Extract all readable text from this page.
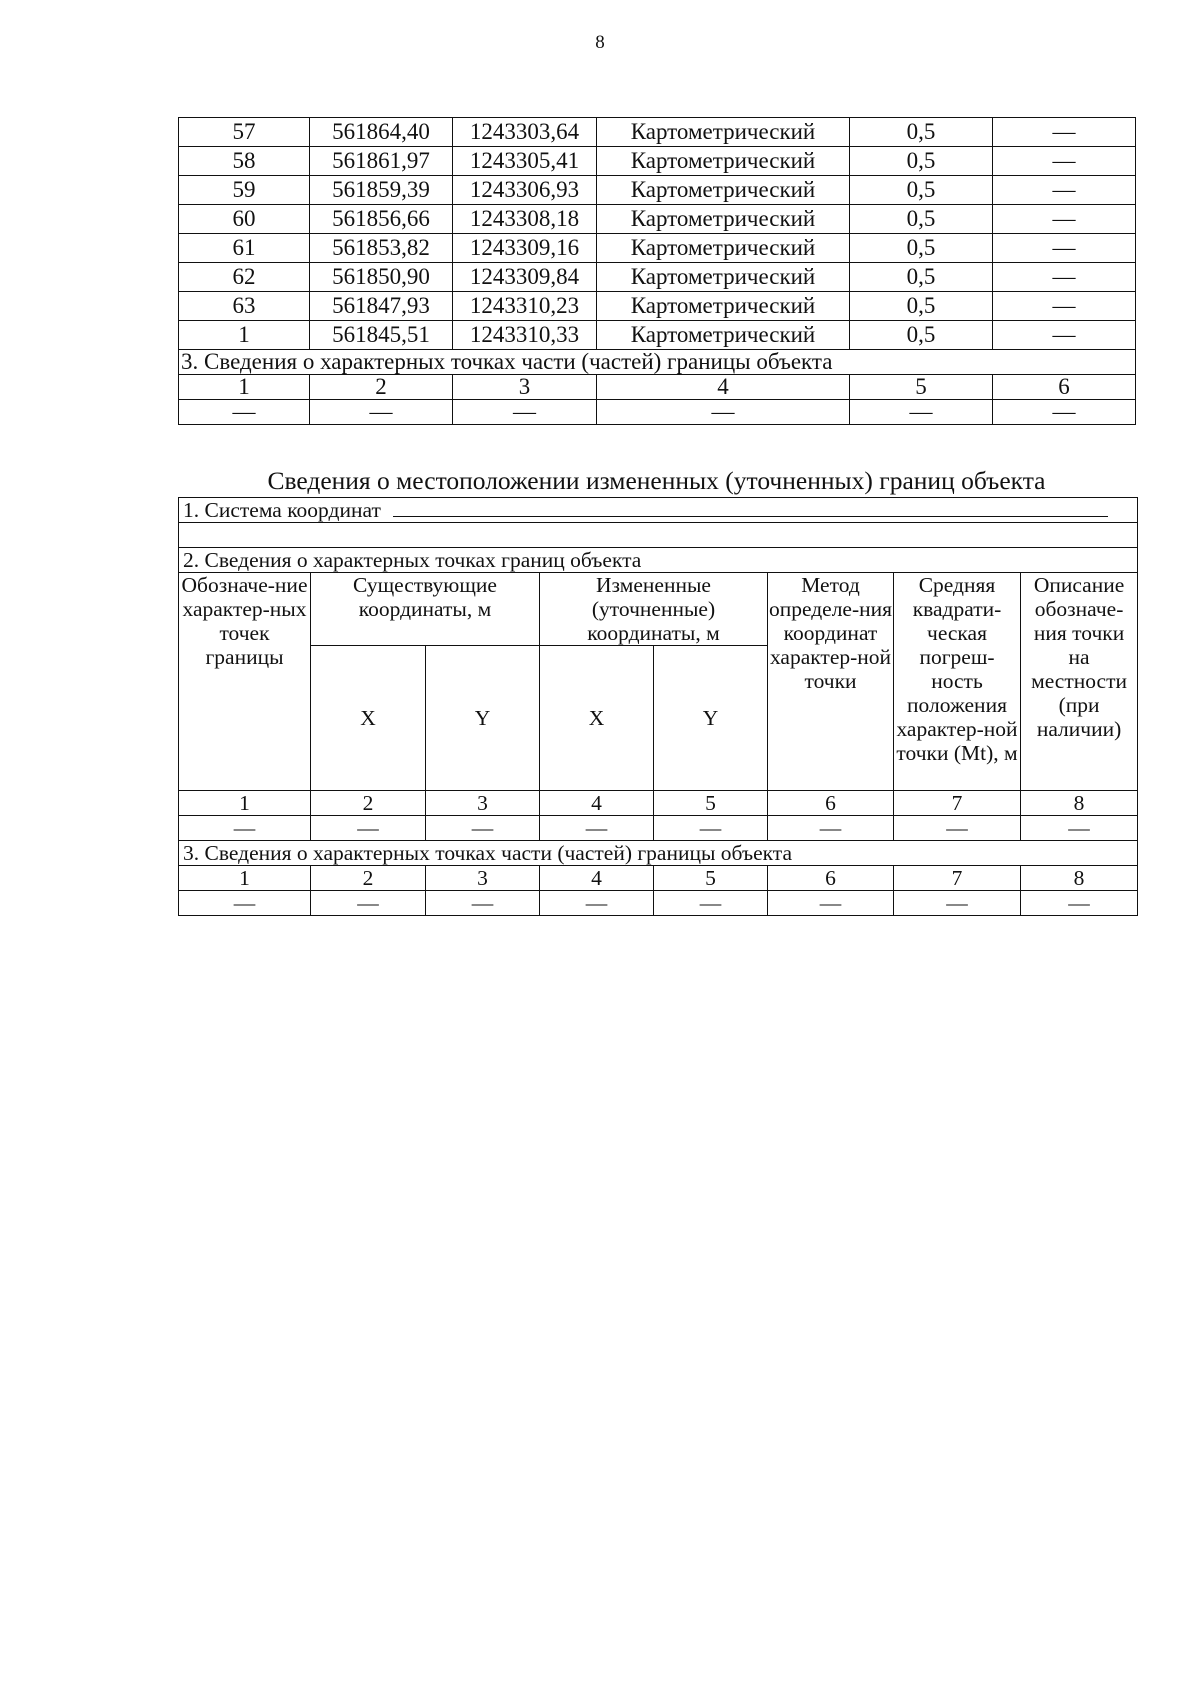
8
57	561864,40	1243303,64	Картометрический	0,5	—
58	561861,97	1243305,41	Картометрический	0,5	—
59	561859,39	1243306,93	Картометрический	0,5	—
60	561856,66	1243308,18	Картометрический	0,5	—
61	561853,82	1243309,16	Картометрический	0,5	—
62	561850,90	1243309,84	Картометрический	0,5	—
63	561847,93	1243310,23	Картометрический	0,5	—
1	561845,51	1243310,33	Картометрический	0,5	—
3. Сведения о характерных точках части (частей) границы объекта					
1	2	3	4	5	6
—	—	—	—	—	—
Сведения о местоположении измененных (уточненных) границ объекта
1. Система координат							

2. Сведения о характерных точках границ объекта							
Обозначе-ние характер-ных точек границы	Существующие координаты, м		Измененные (уточненные) координаты, м		Метод определе-ния координат характер-ной точки	Средняя квадрати-ческая погреш-ность положения характер-ной точки (Mt), м	Описание обозначе-ния точки на местности (при наличии)
	X	Y	X	Y			
1	2	3	4	5	6	7	8
—	—	—	—	—	—	—	—
3. Сведения о характерных точках части (частей) границы объекта							
1	2	3	4	5	6	7	8
—	—	—	—	—	—	—	—
